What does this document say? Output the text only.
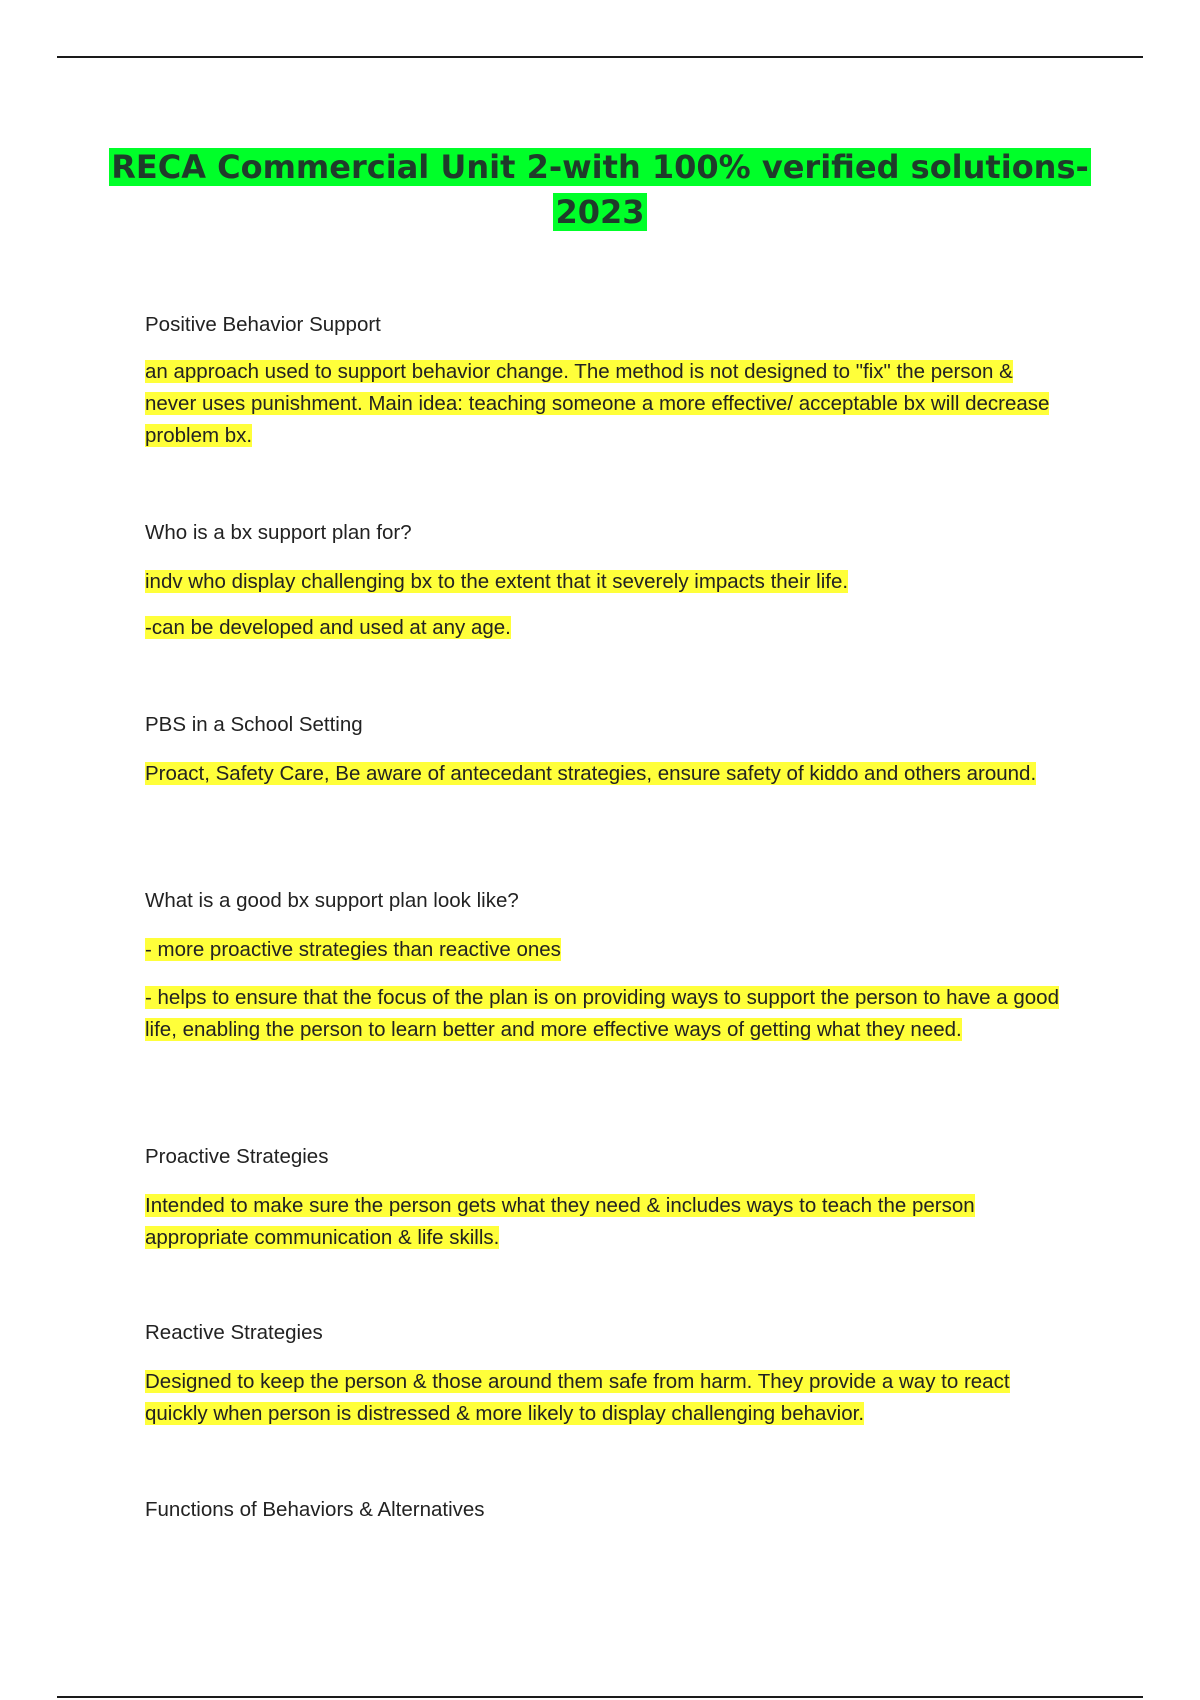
RECA Commercial Unit 2-with 100% verified solutions-
2023

Positive Behavior Support

an approach used to support behavior change. The method is not designed to "fix" the person & never uses punishment. Main idea: teaching someone a more effective/ acceptable bx will decrease problem bx.

Who is a bx support plan for?

indv who display challenging bx to the extent that it severely impacts their life.

-can be developed and used at any age.

PBS in a School Setting

Proact, Safety Care, Be aware of antecedant strategies, ensure safety of kiddo and others around.

What is a good bx support plan look like?

- more proactive strategies than reactive ones

- helps to ensure that the focus of the plan is on providing ways to support the person to have a good life, enabling the person to learn better and more effective ways of getting what they need.

Proactive Strategies

Intended to make sure the person gets what they need & includes ways to teach the person appropriate communication & life skills.

Reactive Strategies

Designed to keep the person & those around them safe from harm. They provide a way to react quickly when person is distressed & more likely to display challenging behavior.

Functions of Behaviors & Alternatives
